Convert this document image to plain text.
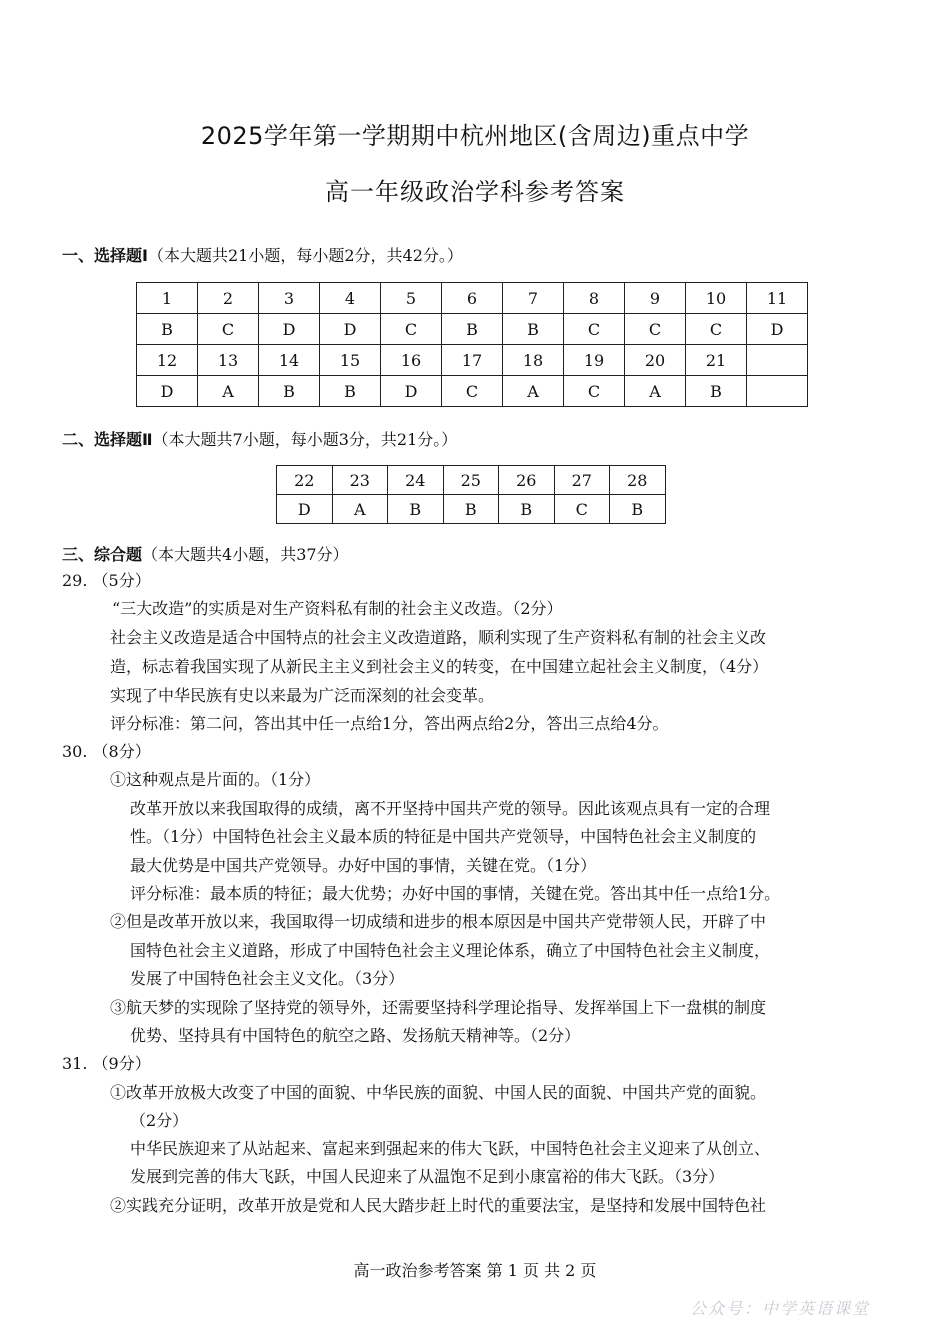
2025学年第一学期期中杭州地区(含周边)重点中学
高一年级政治学科参考答案
一、选择题Ⅰ（本大题共21小题，每小题2分，共42分。）
1	2	3	4	5	6	7	8	9	10	11
B	C	D	D	C	B	B	C	C	C	D
12	13	14	15	16	17	18	19	20	21	
D	A	B	B	D	C	A	C	A	B	
二、选择题Ⅱ（本大题共7小题，每小题3分，共21分。）
22	23	24	25	26	27	28
D	A	B	B	B	C	B
三、综合题（本大题共4小题，共37分）
29. （5分）
“三大改造”的实质是对生产资料私有制的社会主义改造。（2分）
社会主义改造是适合中国特点的社会主义改造道路，顺利实现了生产资料私有制的社会主义改
造，标志着我国实现了从新民主主义到社会主义的转变，在中国建立起社会主义制度，（4分）
实现了中华民族有史以来最为广泛而深刻的社会变革。
评分标准：第二问，答出其中任一点给1分，答出两点给2分，答出三点给4分。
30. （8分）
①这种观点是片面的。（1分）
改革开放以来我国取得的成绩，离不开坚持中国共产党的领导。因此该观点具有一定的合理
性。（1分）中国特色社会主义最本质的特征是中国共产党领导，中国特色社会主义制度的
最大优势是中国共产党领导。办好中国的事情，关键在党。（1分）
评分标准：最本质的特征；最大优势；办好中国的事情，关键在党。答出其中任一点给1分。
②但是改革开放以来，我国取得一切成绩和进步的根本原因是中国共产党带领人民，开辟了中
国特色社会主义道路，形成了中国特色社会主义理论体系，确立了中国特色社会主义制度，
发展了中国特色社会主义文化。（3分）
③航天梦的实现除了坚持党的领导外，还需要坚持科学理论指导、发挥举国上下一盘棋的制度
优势、坚持具有中国特色的航空之路、发扬航天精神等。（2分）
31. （9分）
①改革开放极大改变了中国的面貌、中华民族的面貌、中国人民的面貌、中国共产党的面貌。
（2分）
中华民族迎来了从站起来、富起来到强起来的伟大飞跃，中国特色社会主义迎来了从创立、
发展到完善的伟大飞跃，中国人民迎来了从温饱不足到小康富裕的伟大飞跃。（3分）
②实践充分证明，改革开放是党和人民大踏步赶上时代的重要法宝，是坚持和发展中国特色社
高一政治参考答案 第 1 页 共 2 页
公众号：中学英语课堂
